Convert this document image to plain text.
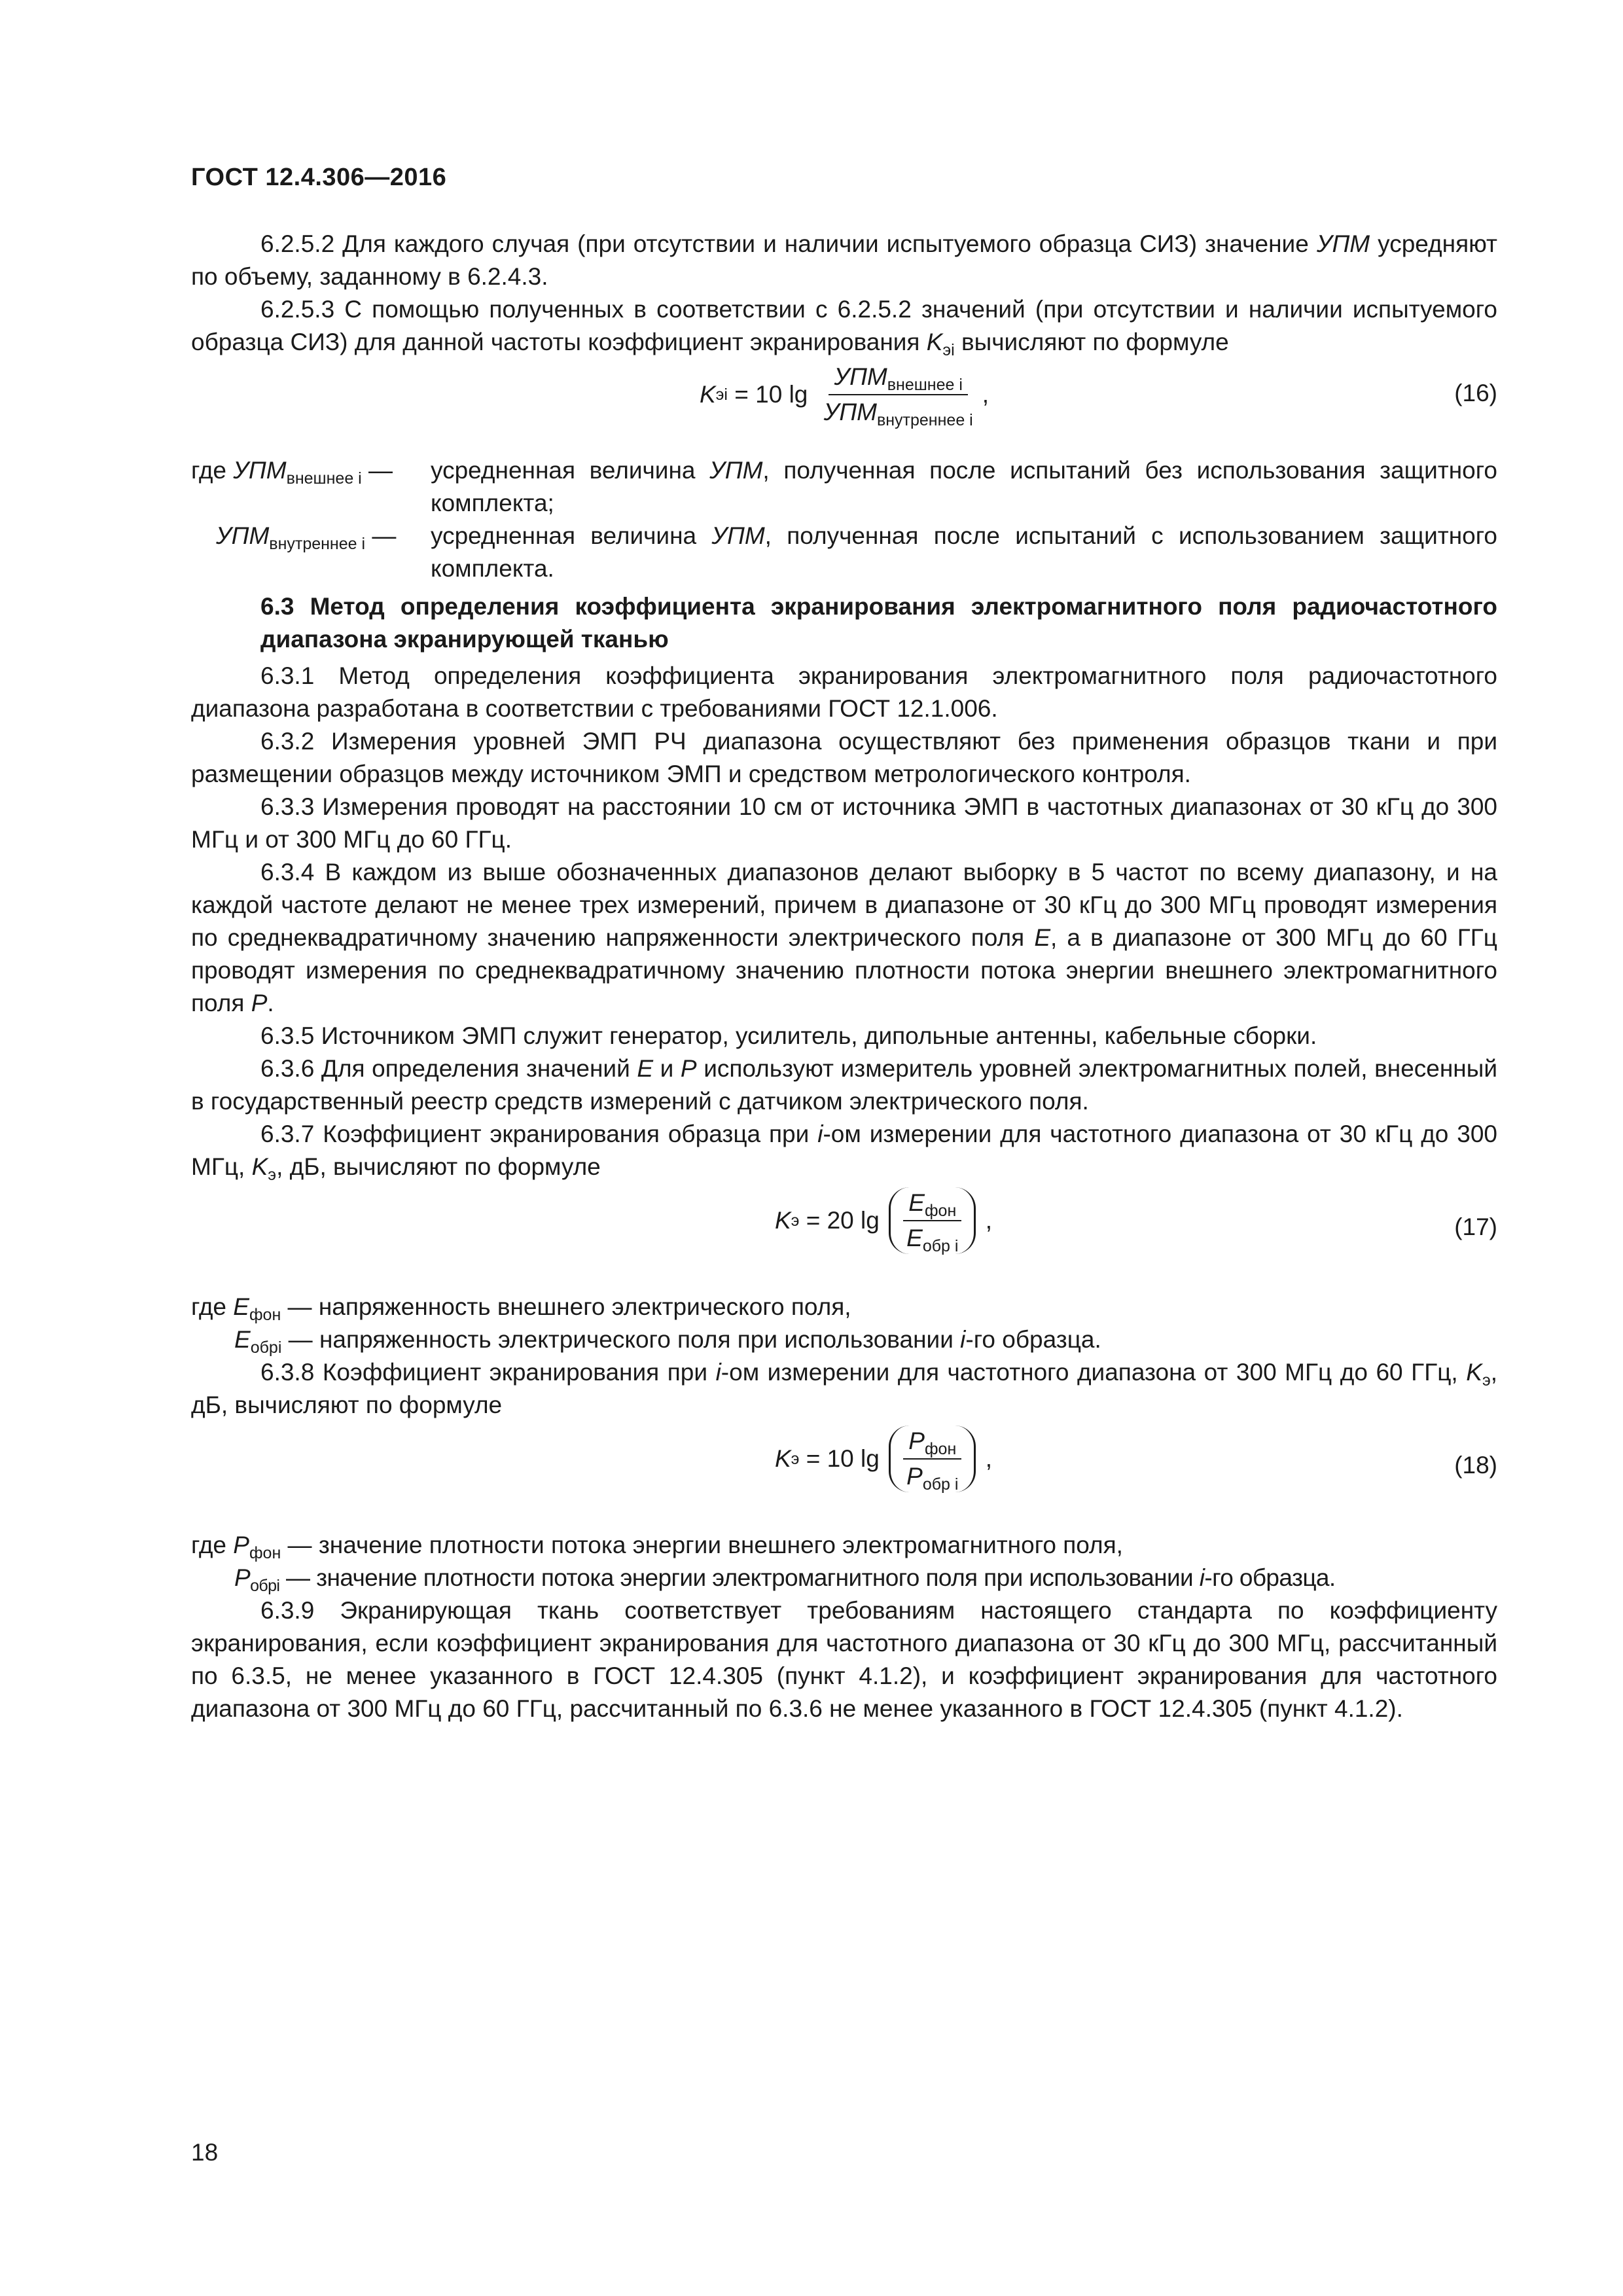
ГОСТ 12.4.306—2016

6.2.5.2 Для каждого случая (при отсутствии и наличии испытуемого образца СИЗ) значение УПМ усредняют по объему, заданному в 6.2.4.3.

6.2.5.3 С помощью полученных в соответствии с 6.2.5.2 значений (при отсутствии и наличии испытуемого образца СИЗ) для данной частоты коэффициент экранирования $K_{эi}$ вычисляют по формуле

K эi = 10 $\lg \frac{УПМ_{внешнее i}}{УПМ_{внутреннее i}}$ ,	(16)
где $УПМ_{внешнее i}$ —	усредненная величина УПМ, полученная после испытаний без использования защитного комплекта;
$УПМ_{внутреннее i}$ —	усредненная величина УПМ, полученная после испытаний с использованием защитного комплекта.

6.3 Метод определения коэффициента экранирования электромагнитного поля радиочастотного диапазона экранирующей тканью

6.3.1 Метод определения коэффициента экранирования электромагнитного поля радиочастотного диапазона разработана в соответствии с требованиями ГОСТ 12.1.006.

6.3.2 Измерения уровней ЭМП РЧ диапазона осуществляют без применения образцов ткани и при размещении образцов между источником ЭМП и средством метрологического контроля.

6.3.3 Измерения проводят на расстоянии 10 см от источника ЭМП в частотных диапазонах от 30 кГц до 300 МГц и от 300 МГц до 60 ГГц.

6.3.4 В каждом из выше обозначенных диапазонов делают выборку в 5 частот по всему диапазону, и на каждой частоте делают не менее трех измерений, причем в диапазоне от 30 кГц до 300 МГц проводят измерения по среднеквадратичному значению напряженности электрического поля E, а в диапазоне от 300 МГц до 60 ГГц проводят измерения по среднеквадратичному значению плотности потока энергии внешнего электромагнитного поля P.

6.3.5 Источником ЭМП служит генератор, усилитель, дипольные антенны, кабельные сборки.

6.3.6 Для определения значений E и P используют измеритель уровней электромагнитных полей, внесенный в государственный реестр средств измерений с датчиком электрического поля.

6.3.7 Коэффициент экранирования образца при i-ом измерении для частотного диапазона от 30 кГц до 300 МГц, $K_э$, дБ, вычисляют по формуле

K э = 20 $\lg \frac{E_{фон}}{E_{обр i}}$ ,	(17)
где $E_{фон}$ — напряженность внешнего электрического поля,
$E_{обрi}$ — напряженность электрического поля при использовании i-го образца.

6.3.8 Коэффициент экранирования при i-ом измерении для частотного диапазона от 300 МГц до 60 ГГц, $K_э$, дБ, вычисляют по формуле

K э = 10 $\lg \frac{P_{фон}}{P_{обр i}}$ ,	(18)
где $P_{фон}$ — значение плотности потока энергии внешнего электромагнитного поля,
$P_{обрi}$ — значение плотности потока энергии электромагнитного поля при использовании i-го образца.

6.3.9 Экранирующая ткань соответствует требованиям настоящего стандарта по коэффициенту экранирования, если коэффициент экранирования для частотного диапазона от 30 кГц до 300 МГц, рассчитанный по 6.3.5, не менее указанного в ГОСТ 12.4.305 (пункт 4.1.2), и коэффициент экранирования для частотного диапазона от 300 МГц до 60 ГГц, рассчитанный по 6.3.6 не менее указанного в ГОСТ 12.4.305 (пункт 4.1.2).

18
